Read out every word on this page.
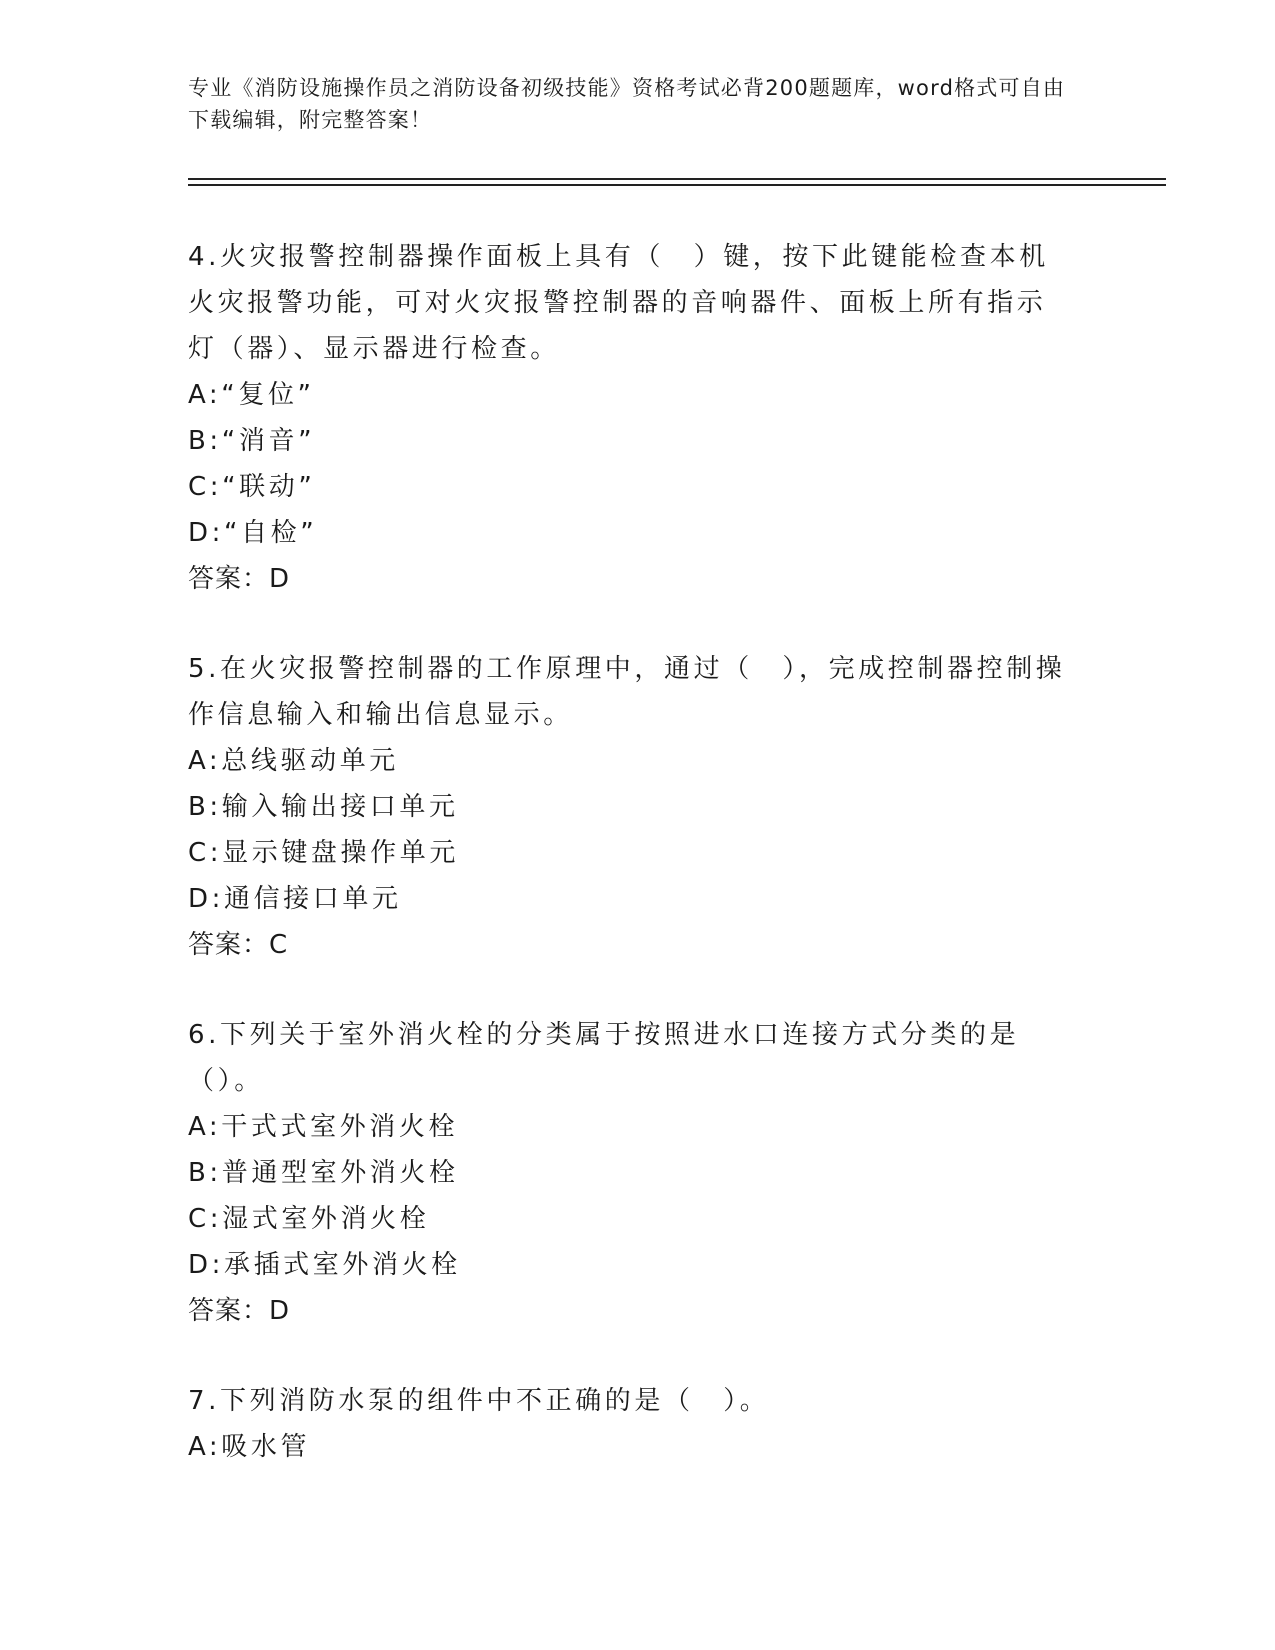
专业《消防设施操作员之消防设备初级技能》资格考试必背200题题库，word格式可自由下载编辑，附完整答案！

4.火灾报警控制器操作面板上具有（　）键，按下此键能检查本机火灾报警功能，可对火灾报警控制器的音响器件、面板上所有指示灯（器）、显示器进行检查。

A:“复位”
B:“消音”
C:“联动”
D:“自检”
答案：D

5.在火灾报警控制器的工作原理中，通过（　），完成控制器控制操作信息输入和输出信息显示。

A:总线驱动单元
B:输入输出接口单元
C:显示键盘操作单元
D:通信接口单元
答案：C

6.下列关于室外消火栓的分类属于按照进水口连接方式分类的是（）。

A:干式式室外消火栓
B:普通型室外消火栓
C:湿式室外消火栓
D:承插式室外消火栓
答案：D

7.下列消防水泵的组件中不正确的是（　）。

A:吸水管
